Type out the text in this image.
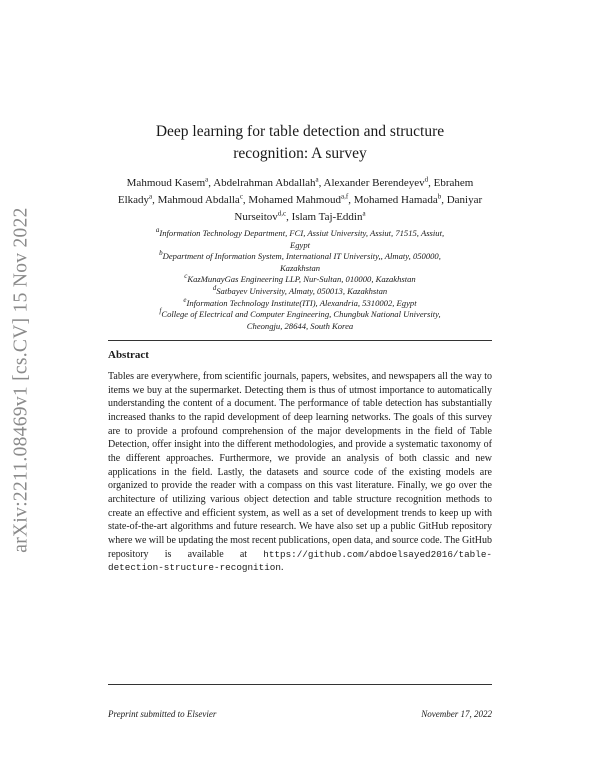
arXiv:2211.08469v1 [cs.CV] 15 Nov 2022
Deep learning for table detection and structure
recognition: A survey
Mahmoud Kasem$^a$, Abdelrahman Abdallah$^a$, Alexander Berendeyev$^d$, Ebrahem Elkady$^a$, Mahmoud Abdalla$^c$, Mohamed Mahmoud$^{a,f}$, Mohamed Hamada$^b$, Daniyar Nurseitov$^{d,c}$, Islam Taj-Eddin$^a$
$^a$Information Technology Department, FCI, Assiut University, Assiut, 71515, Assiut, Egypt
$^b$Department of Information System, International IT University,, Almaty, 050000, Kazakhstan
$^c$KazMunayGas Engineering LLP, Nur-Sultan, 010000, Kazakhstan
$^d$Satbayev University, Almaty, 050013, Kazakhstan
$^e$Information Technology Institute(ITI), Alexandria, 5310002, Egypt
$^f$College of Electrical and Computer Engineering, Chungbuk National University, Cheongju, 28644, South Korea
Abstract

Tables are everywhere, from scientific journals, papers, websites, and newspapers all the way to items we buy at the supermarket. Detecting them is thus of utmost importance to automatically understanding the content of a document. The performance of table detection has substantially increased thanks to the rapid development of deep learning networks. The goals of this survey are to provide a profound comprehension of the major developments in the field of Table Detection, offer insight into the different methodologies, and provide a systematic taxonomy of the different approaches. Furthermore, we provide an analysis of both classic and new applications in the field. Lastly, the datasets and source code of the existing models are organized to provide the reader with a compass on this vast literature. Finally, we go over the architecture of utilizing various object detection and table structure recognition methods to create an effective and efficient system, as well as a set of development trends to keep up with state-of-the-art algorithms and future research. We have also set up a public GitHub repository where we will be updating the most recent publications, open data, and source code. The GitHub repository is available at https://github.com/abdoelsayed2016/table-detection-structure-recognition.

Preprint submitted to Elsevier	November 17, 2022
